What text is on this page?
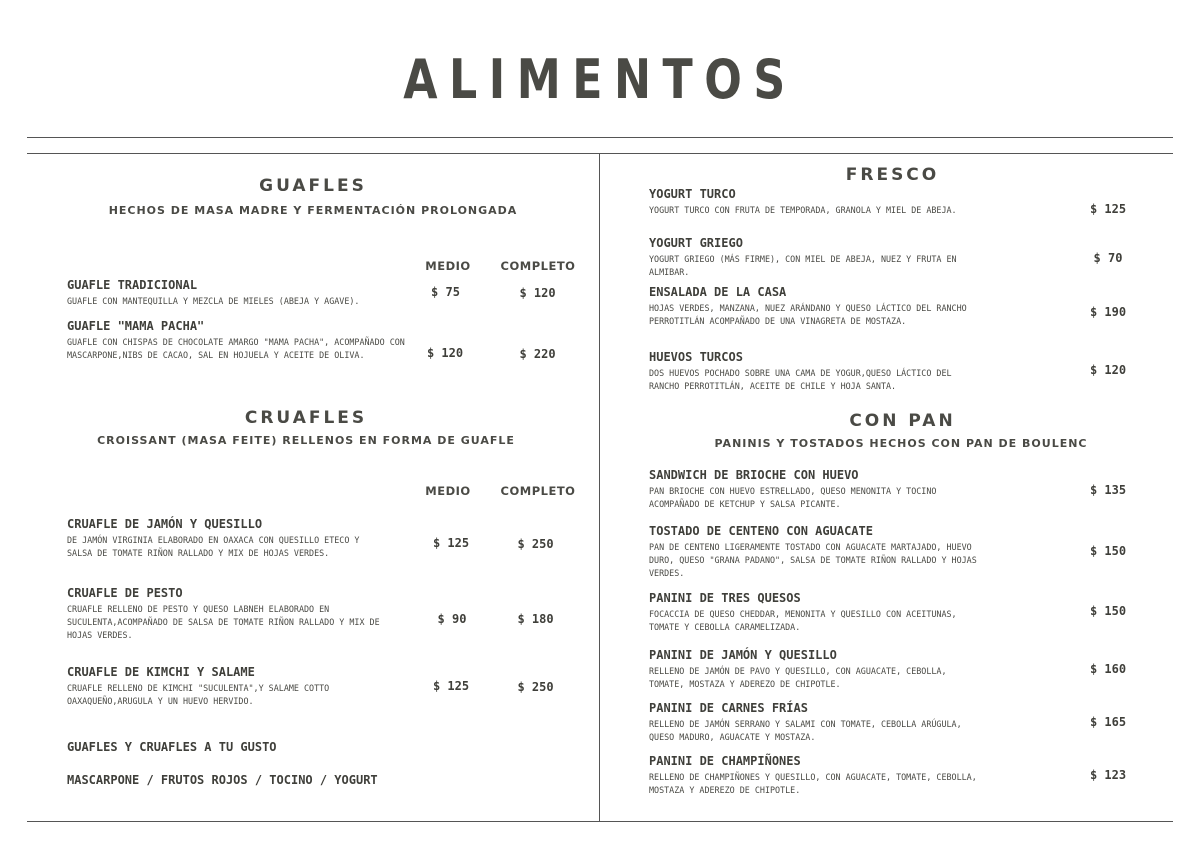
ALIMENTOS
GUAFLES
HECHOS DE MASA MADRE Y FERMENTACIÓN PROLONGADA
MEDIO	COMPLETO
GUAFLE TRADICIONAL
GUAFLE CON MANTEQUILLA Y MEZCLA DE MIELES (ABEJA Y AGAVE).
$ 75	$ 120
GUAFLE "MAMA PACHA"
GUAFLE CON CHISPAS DE CHOCOLATE AMARGO "MAMA PACHA", ACOMPAÑADO CON MASCARPONE,NIBS DE CACAO, SAL EN HOJUELA Y ACEITE DE OLIVA.	$ 120	$ 220
CRUAFLES
CROISSANT (MASA FEITE) RELLENOS EN FORMA DE GUAFLE
MEDIO	COMPLETO
CRUAFLE DE JAMÓN Y QUESILLO
DE JAMÓN VIRGINIA ELABORADO EN OAXACA CON QUESILLO ETECO Y SALSA DE TOMATE RIÑON RALLADO Y MIX DE HOJAS VERDES.
$ 125	$ 250
CRUAFLE DE PESTO
CRUAFLE RELLENO DE PESTO Y QUESO LABNEH ELABORADO EN SUCULENTA,ACOMPAÑADO DE SALSA DE TOMATE RIÑON RALLADO Y MIX DE HOJAS VERDES.
$ 90	$ 180
CRUAFLE DE KIMCHI Y SALAME
CRUAFLE RELLENO DE KIMCHI "SUCULENTA",Y SALAME COTTO OAXAQUEÑO,ARUGULA Y UN HUEVO HERVIDO.
$ 125	$ 250
GUAFLES Y CRUAFLES A TU GUSTO
MASCARPONE / FRUTOS ROJOS / TOCINO / YOGURT
FRESCO
YOGURT TURCO
YOGURT TURCO CON FRUTA DE TEMPORADA, GRANOLA Y MIEL DE ABEJA.	$ 125
YOGURT GRIEGO
YOGURT GRIEGO (MÁS FIRME), CON MIEL DE ABEJA, NUEZ Y FRUTA EN ALMIBAR.
$ 70
ENSALADA DE LA CASA
HOJAS VERDES, MANZANA, NUEZ ARÁNDANO Y QUESO LÁCTICO DEL RANCHO PERROTITLÁN ACOMPAÑADO DE UNA VINAGRETA DE MOSTAZA.
$ 190
HUEVOS TURCOS
DOS HUEVOS POCHADO SOBRE UNA CAMA DE YOGUR,QUESO LÁCTICO DEL RANCHO PERROTITLÁN, ACEITE DE CHILE Y HOJA SANTA.
$ 120
CON PAN
PANINIS Y TOSTADOS HECHOS CON PAN DE BOULENC
SANDWICH DE BRIOCHE CON HUEVO
PAN BRIOCHE CON HUEVO ESTRELLADO, QUESO MENONITA Y TOCINO ACOMPAÑADO DE KETCHUP Y SALSA PICANTE.
$ 135
TOSTADO DE CENTENO CON AGUACATE
PAN DE CENTENO LIGERAMENTE TOSTADO CON AGUACATE MARTAJADO, HUEVO DURO, QUESO "GRANA PADANO", SALSA DE TOMATE RIÑON RALLADO Y HOJAS VERDES.
$ 150
PANINI DE TRES QUESOS
FOCACCIA DE QUESO CHEDDAR, MENONITA Y QUESILLO CON ACEITUNAS, TOMATE Y CEBOLLA CARAMELIZADA.
$ 150
PANINI DE JAMÓN Y QUESILLO
RELLENO DE JAMÓN DE PAVO Y QUESILLO, CON AGUACATE, CEBOLLA, TOMATE, MOSTAZA Y ADEREZO DE CHIPOTLE.
$ 160
PANINI DE CARNES FRÍAS
RELLENO DE JAMÓN SERRANO Y SALAMI CON TOMATE, CEBOLLA ARÚGULA, QUESO MADURO, AGUACATE Y MOSTAZA.
$ 165
PANINI DE CHAMPIÑONES
RELLENO DE CHAMPIÑONES Y QUESILLO, CON AGUACATE, TOMATE, CEBOLLA, MOSTAZA Y ADEREZO DE CHIPOTLE.
$ 123
